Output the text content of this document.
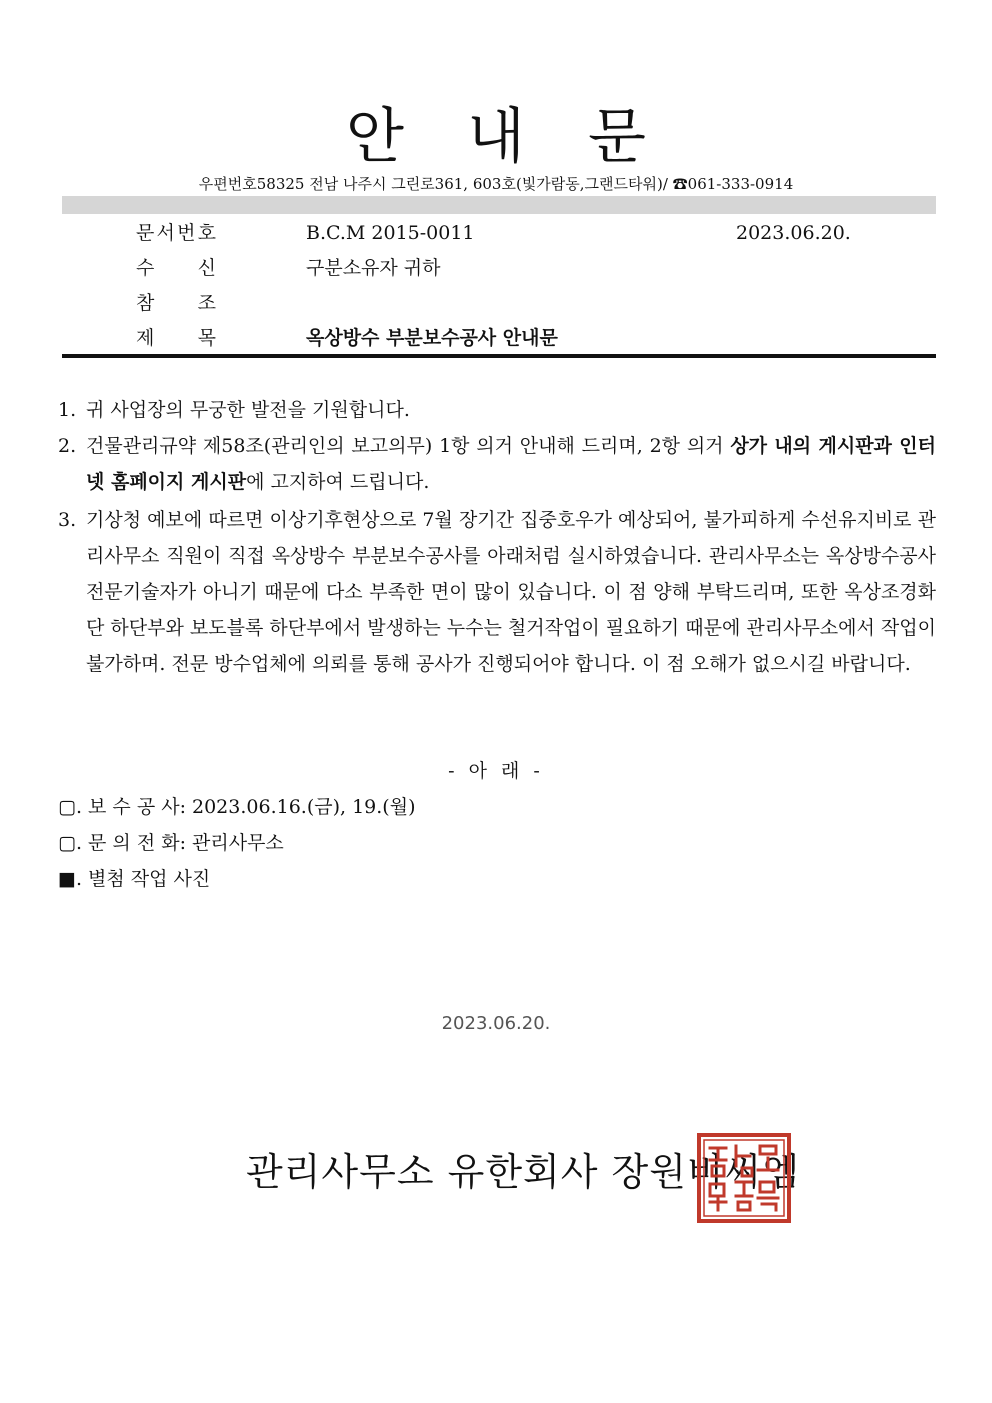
안 내 문
우편번호58325 전남 나주시 그린로361, 603호(빛가람동,그랜드타워)/ ☎061-333-0914
문 서 번 호	B.C.M 2015-0011	2023.06.20.
수 신	구분소유자 귀하
참 조
제 목	옥상방수 부분보수공사 안내문
1. 귀 사업장의 무궁한 발전을 기원합니다.
2. 건물관리규약 제58조(관리인의 보고의무) 1항 의거 안내해 드리며, 2항 의거 상가 내의 게시판과 인터넷 홈페이지 게시판에 고지하여 드립니다.
3. 기상청 예보에 따르면 이상기후현상으로 7월 장기간 집중호우가 예상되어, 불가피하게 수선유지비로 관리사무소 직원이 직접 옥상방수 부분보수공사를 아래처럼 실시하였습니다. 관리사무소는 옥상방수공사 전문기술자가 아니기 때문에 다소 부족한 면이 많이 있습니다. 이 점 양해 부탁드리며, 또한 옥상조경화단 하단부와 보도블록 하단부에서 발생하는 누수는 철거작업이 필요하기 때문에 관리사무소에서 작업이 불가하며. 전문 방수업체에 의뢰를 통해 공사가 진행되어야 합니다. 이 점 오해가 없으시길 바랍니다.
- 아 래 -
▢. 보 수 공 사: 2023.06.16.(금), 19.(월)
▢. 문 의 전 화: 관리사무소
■. 별첨 작업 사진
2023.06.20.
관리사무소 유한회사 장원비씨엠
